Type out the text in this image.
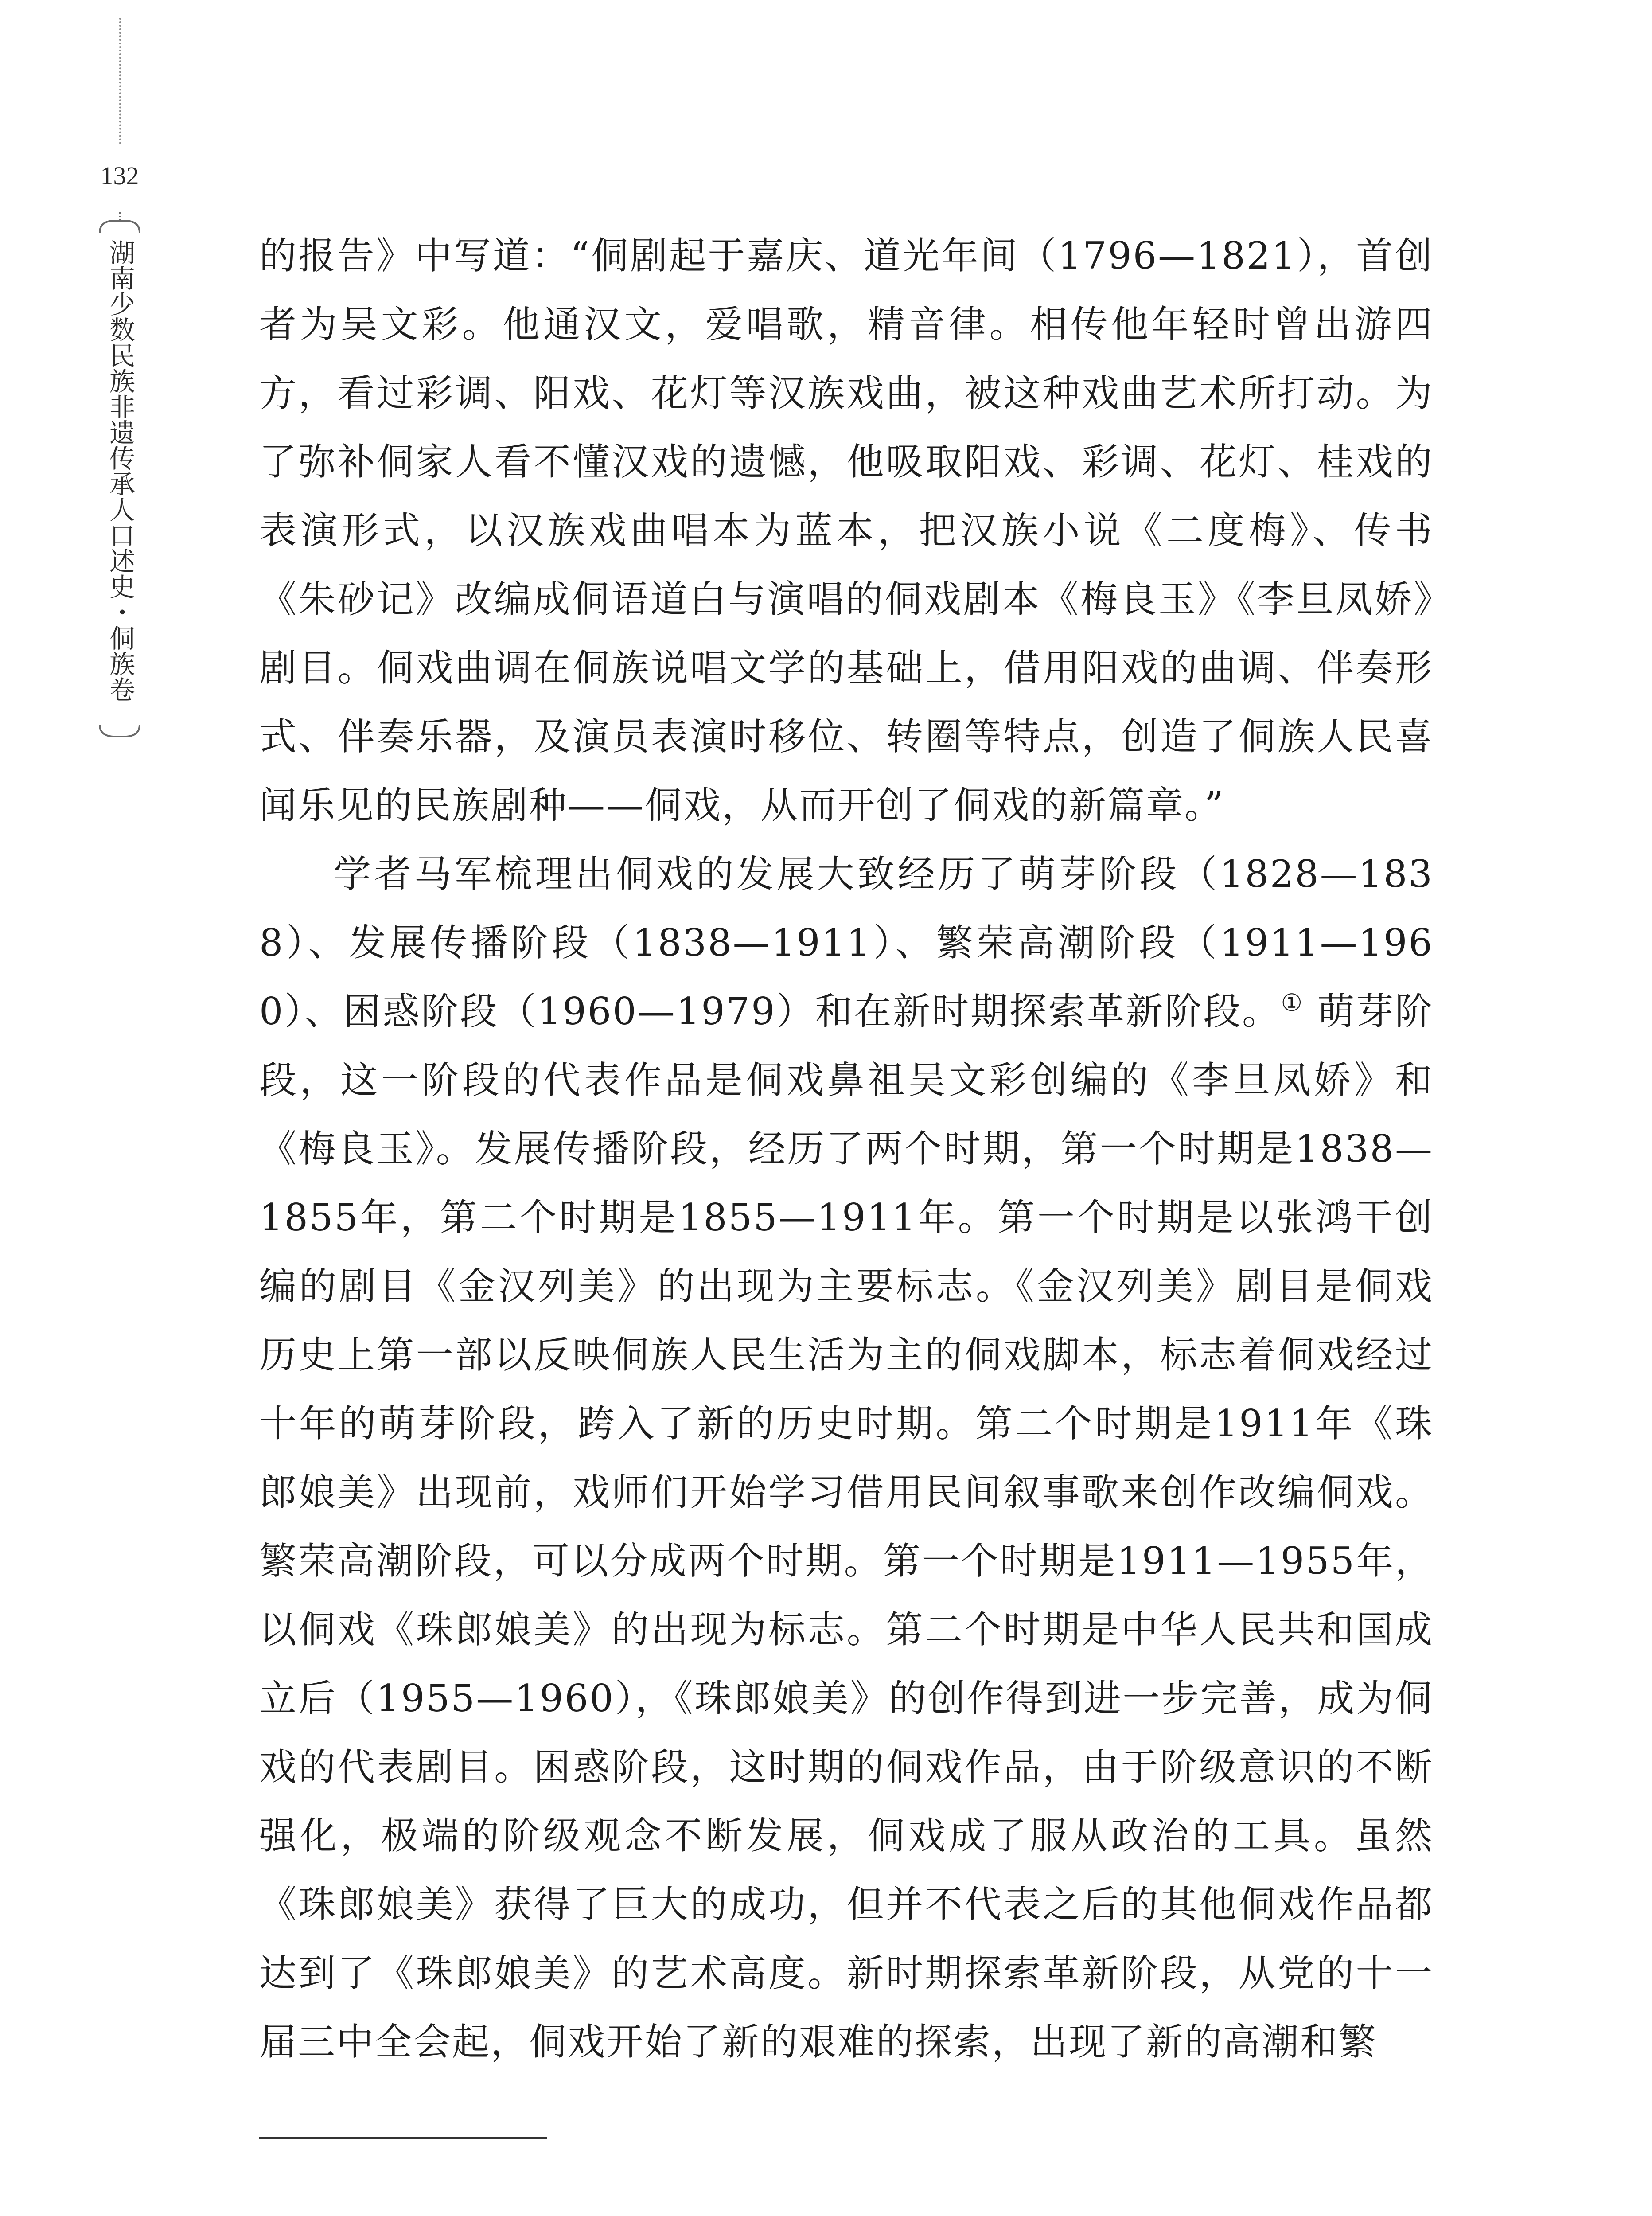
132
湖南少数民族非遗传承人口述史・侗族卷	的报告》中写道：“侗剧起于嘉庆、道光年间（1796—1821），首创者为吴文彩。他通汉文，爱唱歌，精音律。相传他年轻时曾出游四方，看过彩调、阳戏、花灯等汉族戏曲，被这种戏曲艺术所打动。为了弥补侗家人看不懂汉戏的遗憾，他吸取阳戏、彩调、花灯、桂戏的表演形式，以汉族戏曲唱本为蓝本，把汉族小说《二度梅》、传书《朱砂记》改编成侗语道白与演唱的侗戏剧本《梅良玉》《李旦凤娇》剧目。侗戏曲调在侗族说唱文学的基础上，借用阳戏的曲调、伴奏形式、伴奏乐器，及演员表演时移位、转圈等特点，创造了侗族人民喜闻乐见的民族剧种——侗戏，从而开创了侗戏的新篇章。”

学者马军梳理出侗戏的发展大致经历了萌芽阶段（1828—1838）、发展传播阶段（1838—1911）、繁荣高潮阶段（1911—1960）、困惑阶段（1960—1979）和在新时期探索革新阶段。① 萌芽阶段，这一阶段的代表作品是侗戏鼻祖吴文彩创编的《李旦凤娇》和《梅良玉》。发展传播阶段，经历了两个时期，第一个时期是1838—1855年，第二个时期是1855—1911年。第一个时期是以张鸿干创编的剧目《金汉列美》的出现为主要标志。《金汉列美》剧目是侗戏历史上第一部以反映侗族人民生活为主的侗戏脚本，标志着侗戏经过十年的萌芽阶段，跨入了新的历史时期。第二个时期是1911年《珠郎娘美》出现前，戏师们开始学习借用民间叙事歌来创作改编侗戏。繁荣高潮阶段，可以分成两个时期。第一个时期是1911—1955年，以侗戏《珠郎娘美》的出现为标志。第二个时期是中华人民共和国成立后（1955—1960），《珠郎娘美》的创作得到进一步完善，成为侗戏的代表剧目。困惑阶段，这时期的侗戏作品，由于阶级意识的不断强化，极端的阶级观念不断发展，侗戏成了服从政治的工具。虽然《珠郎娘美》获得了巨大的成功，但并不代表之后的其他侗戏作品都达到了《珠郎娘美》的艺术高度。新时期探索革新阶段，从党的十一届三中全会起，侗戏开始了新的艰难的探索，出现了新的高潮和繁
